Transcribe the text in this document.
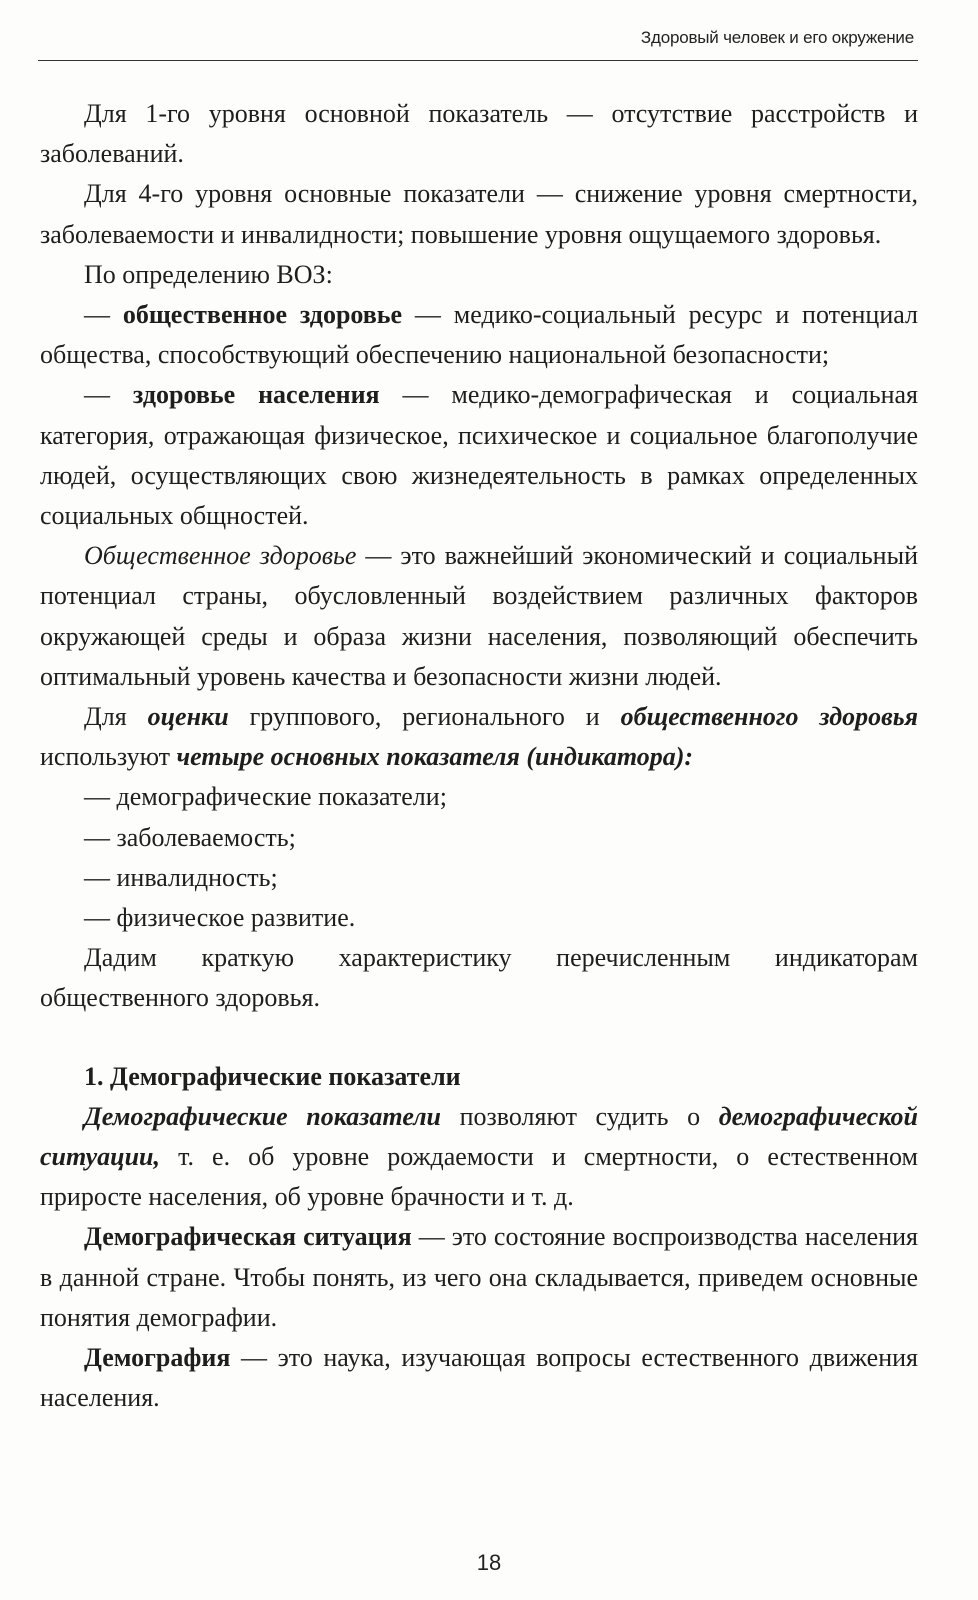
Здоровый человек и его окружение

Для 1-го уровня основной показатель — отсутствие расстройств и заболеваний.

Для 4-го уровня основные показатели — снижение уровня смертности, заболеваемости и инвалидности; повышение уровня ощущаемого здоровья.

По определению ВОЗ:

— общественное здоровье — медико-социальный ресурс и потенциал общества, способствующий обеспечению национальной безопасности;

— здоровье населения — медико-демографическая и социальная категория, отражающая физическое, психическое и социальное благополучие людей, осуществляющих свою жизнедеятельность в рамках определенных социальных общностей.

Общественное здоровье — это важнейший экономический и социальный потенциал страны, обусловленный воздействием различных факторов окружающей среды и образа жизни населения, позволяющий обеспечить оптимальный уровень качества и безопасности жизни людей.

Для оценки группового, регионального и общественного здоровья используют четыре основных показателя (индикатора):

— демографические показатели;

— заболеваемость;

— инвалидность;

— физическое развитие.

Дадим краткую характеристику перечисленным индикаторам общественного здоровья.

1. Демографические показатели

Демографические показатели позволяют судить о демографической ситуации, т. е. об уровне рождаемости и смертности, о естественном приросте населения, об уровне брачности и т. д.

Демографическая ситуация — это состояние воспроизводства населения в данной стране. Чтобы понять, из чего она складывается, приведем основные понятия демографии.

Демография — это наука, изучающая вопросы естественного движения населения.

18
